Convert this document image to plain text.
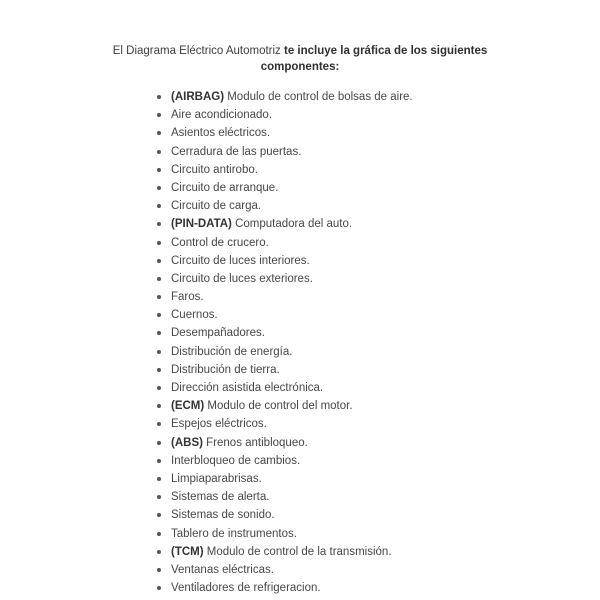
El Diagrama Eléctrico Automotriz te incluye la gráfica de los siguientes
componentes:
(AIRBAG) Modulo de control de bolsas de aire.
Aire acondicionado.
Asientos eléctricos.
Cerradura de las puertas.
Circuito antirobo.
Circuito de arranque.
Circuito de carga.
(PIN-DATA) Computadora del auto.
Control de crucero.
Circuito de luces interiores.
Circuito de luces exteriores.
Faros.
Cuernos.
Desempañadores.
Distribución de energía.
Distribución de tierra.
Dirección asistida electrónica.
(ECM) Modulo de control del motor.
Espejos eléctricos.
(ABS) Frenos antibloqueo.
Interbloqueo de cambios.
Limpiaparabrisas.
Sistemas de alerta.
Sistemas de sonido.
Tablero de instrumentos.
(TCM) Modulo de control de la transmisión.
Ventanas eléctricas.
Ventiladores de refrigeracion.
